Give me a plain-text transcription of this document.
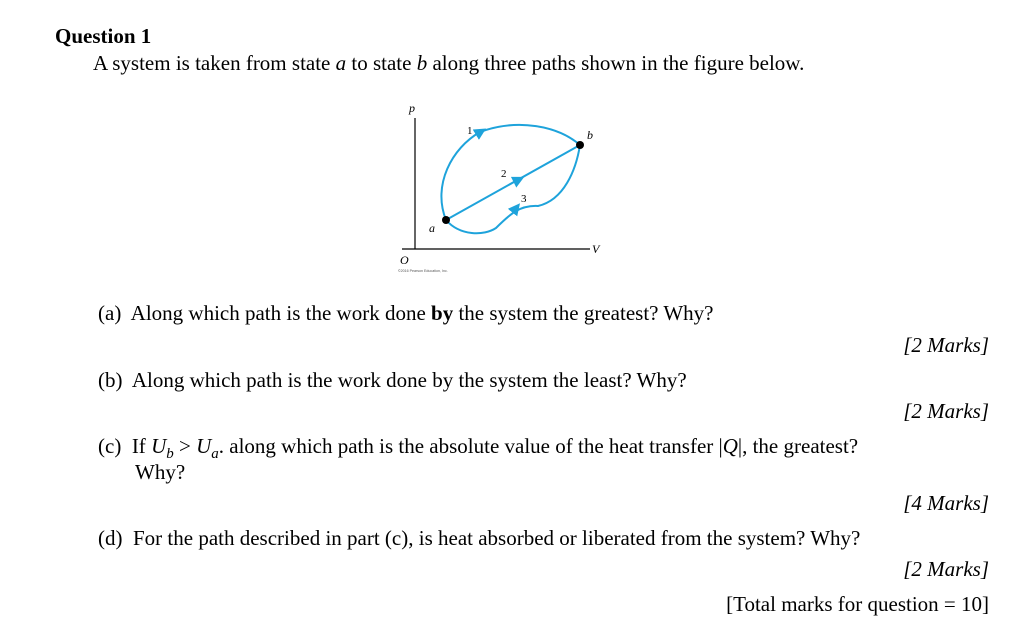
Question 1
A system is taken from state a to state b along three paths shown in the figure below.
p
V
O
a
b
1
2
3
©2016 Pearson Education, Inc.
(a) Along which path is the work done by the system the greatest? Why?
[2 Marks]
(b) Along which path is the work done by the system the least? Why?
[2 Marks]
(c) If $U_b > U_a$. along which path is the absolute value of the heat transfer |Q|, the greatest?
Why?
[4 Marks]
(d) For the path described in part (c), is heat absorbed or liberated from the system? Why?
[2 Marks]
[Total marks for question = 10]
